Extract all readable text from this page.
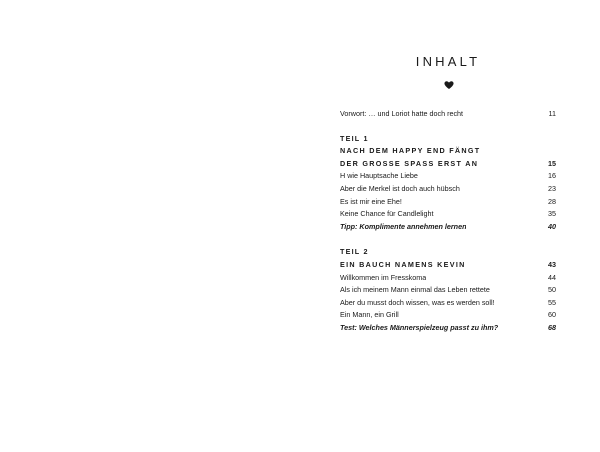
INHALT
Vorwort: … und Loriot hatte doch recht	11
TEIL 1
NACH DEM HAPPY END FÄNGT
DER GROSSE SPASS ERST AN	15
H wie Hauptsache Liebe	16
Aber die Merkel ist doch auch hübsch	23
Es ist mir eine Ehe!	28
Keine Chance für Candlelight	35
Tipp: Komplimente annehmen lernen	40
TEIL 2
EIN BAUCH NAMENS KEVIN	43
Willkommen im Fresskoma	44
Als ich meinem Mann einmal das Leben rettete	50
Aber du musst doch wissen, was es werden soll!	55
Ein Mann, ein Grill	60
Test: Welches Männerspielzeug passt zu ihm?	68
